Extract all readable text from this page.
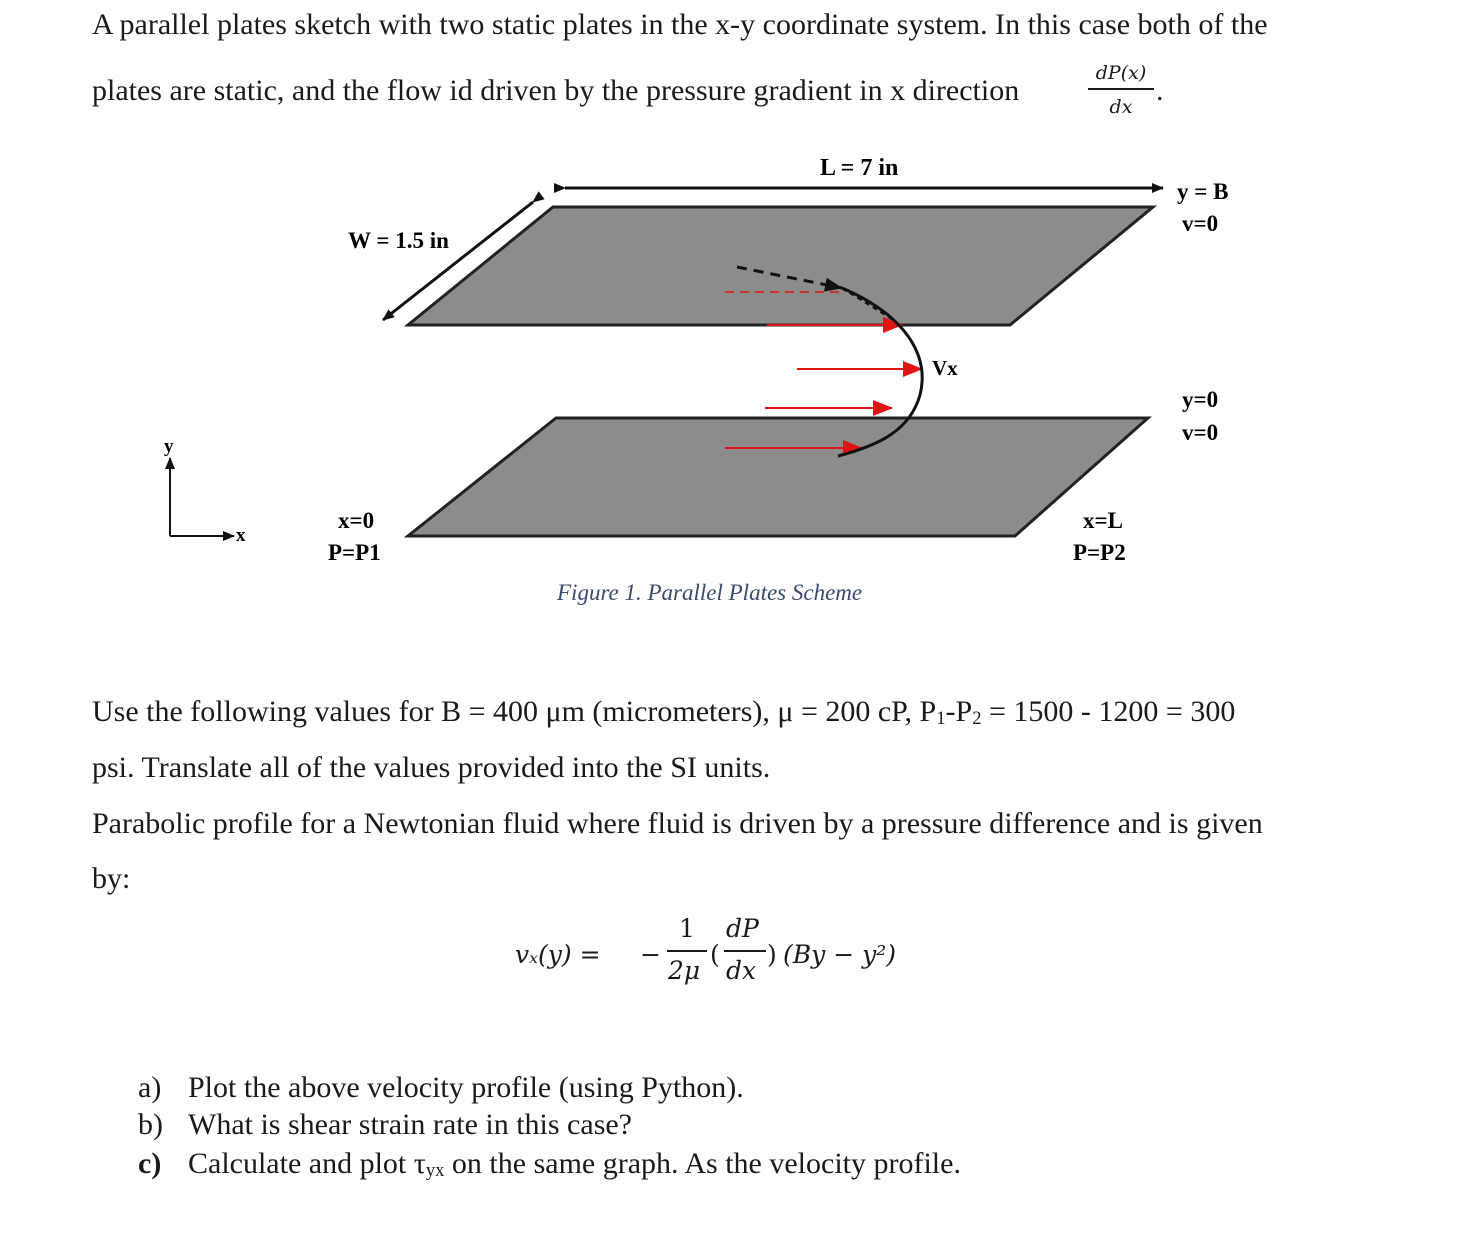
A parallel plates sketch with two static plates in the x-y coordinate system. In this case both of the
plates are static, and the flow id driven by the pressure gradient in x direction
dP(x)
dx .
L = 7 in
W = 1.5 in
Vx
y = B
v=0
y=0
v=0
x=0
P=P1
x=L
P=P2
y
x
Figure 1. Parallel Plates Scheme
Use the following values for B = 400 μm (micrometers), μ = 200 cP, $P_1-P_2 = 1500 - 1200 = 300$
psi. Translate all of the values provided into the SI units.
Parabolic profile for a Newtonian fluid where fluid is driven by a pressure difference and is given
by:
vₓ(y) = −
1
2μ
(
dP
dx
) (By − y²)
a) Plot the above velocity profile (using Python).
b) What is shear strain rate in this case?
c) Calculate and plot $\tau_{yx}$ on the same graph. As the velocity profile.
